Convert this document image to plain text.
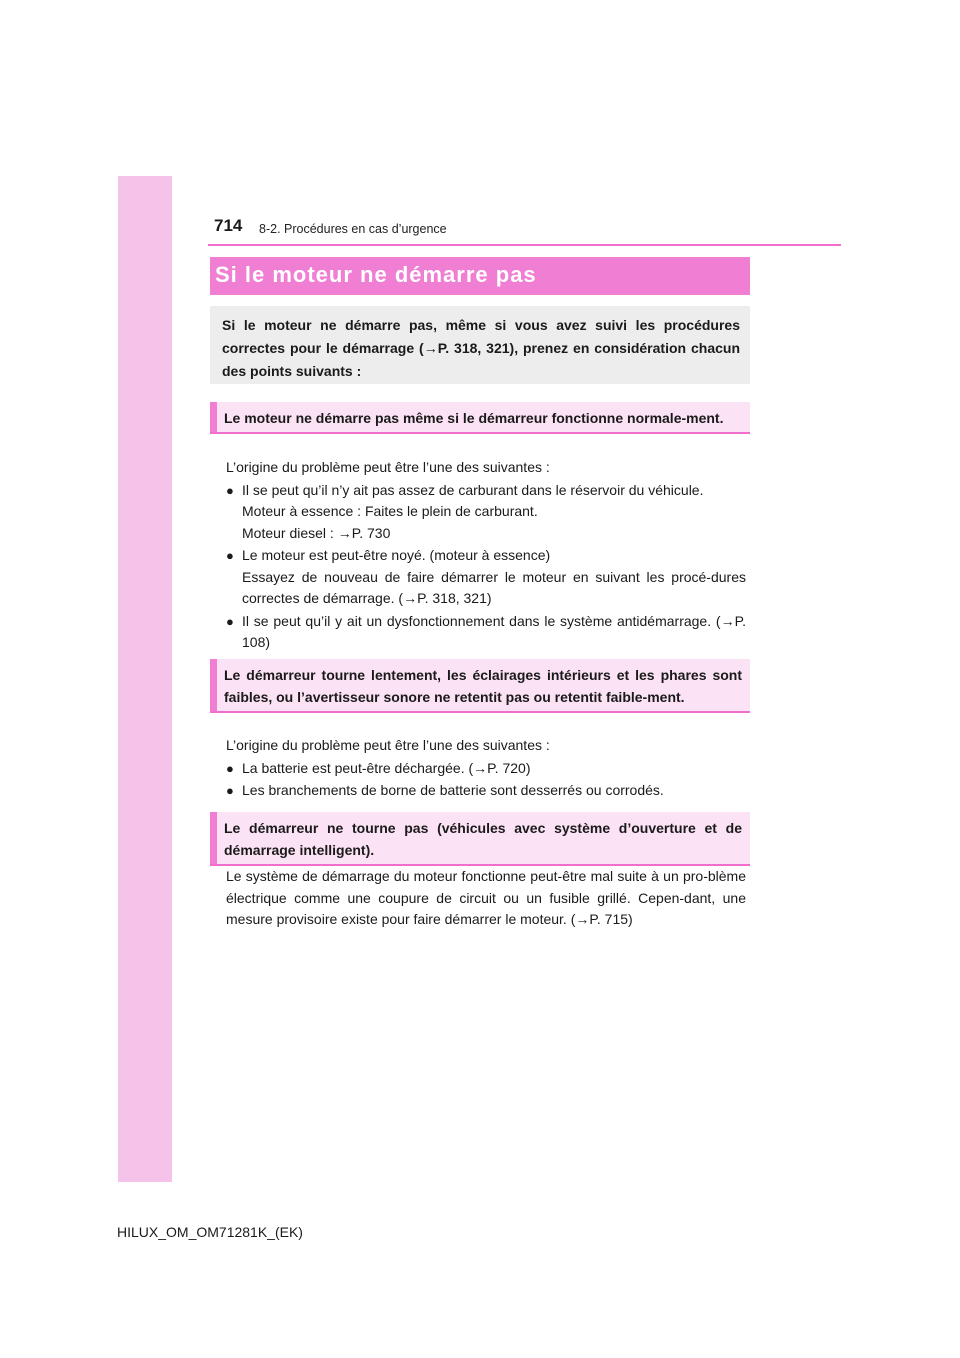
714 8-2. Procédures en cas d’urgence
Si le moteur ne démarre pas
Si le moteur ne démarre pas, même si vous avez suivi les procédures correctes pour le démarrage (→P. 318, 321), prenez en considération chacun des points suivants :
Le moteur ne démarre pas même si le démarreur fonctionne normale-ment.

L’origine du problème peut être l’une des suivantes :

● Il se peut qu’il n’y ait pas assez de carburant dans le réservoir du véhicule.
Moteur à essence : Faites le plein de carburant.
Moteur diesel : →P. 730
● Le moteur est peut-être noyé. (moteur à essence)
Essayez de nouveau de faire démarrer le moteur en suivant les procé-dures correctes de démarrage. (→P. 318, 321)
● Il se peut qu’il y ait un dysfonctionnement dans le système antidémarrage. (→P. 108)
Le démarreur tourne lentement, les éclairages intérieurs et les phares sont faibles, ou l’avertisseur sonore ne retentit pas ou retentit faible-ment.

L’origine du problème peut être l’une des suivantes :

● La batterie est peut-être déchargée. (→P. 720)
● Les branchements de borne de batterie sont desserrés ou corrodés.
Le démarreur ne tourne pas (véhicules avec système d’ouverture et de démarrage intelligent).

Le système de démarrage du moteur fonctionne peut-être mal suite à un pro-blème électrique comme une coupure de circuit ou un fusible grillé. Cepen-dant, une mesure provisoire existe pour faire démarrer le moteur. (→P. 715)

HILUX_OM_OM71281K_(EK)
